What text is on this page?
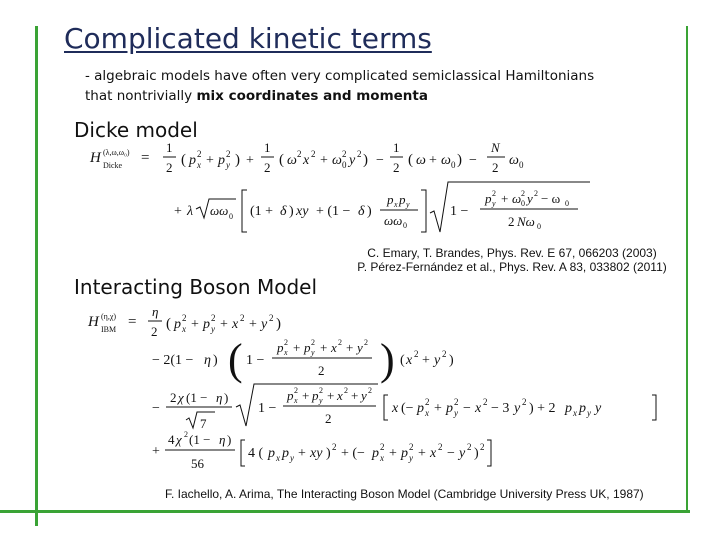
Complicated kinetic terms
- algebraic models have often very complicated semiclassical Hamiltonians
that nontrivially mix coordinates and momenta
Dicke model
Interacting Boson Model
C. Emary, T. Brandes, Phys. Rev. E 67, 066203 (2003)
P. Pérez-Fernández et al., Phys. Rev. A 83, 033802 (2011)
F. Iachello, A. Arima, The Interacting Boson Model (Cambridge University Press UK, 1987)
H (λ,ω,ω₀)
Dicke =
1
2 ( p x
2 + p y
2 ) +
1
2 ( ω 2 x 2 + ω 0
2 y 2 ) −
1
2 ( ω + ω 0 ) −
N
2 ω 0
+ λ ωω 0 (1 + δ ) xy + (1 − δ )
p x p y
ωω 0
1 −
p y
2 + ω 0
2 y 2 − ω 0
2 Nω 0
H (η,χ)
IBM =
η
2 ( p x
2 + p y
2 + x 2 + y 2 )
− 2(1 − η ) ( 1 −
p x
2 + p y
2 + x 2 + y 2
2 ) ( x 2 + y 2 )
−
2 χ (1 − η )
7
1 −
p x
2 + p y
2 + x 2 + y 2
2
x (− p x
2 + p y
2 − x 2 − 3 y 2 ) + 2 p x p y y
+
4 χ 2 (1 − η )
56
4 ( p x p y + xy ) 2 + (− p x
2 + p y
2 + x 2 − y 2 ) 2
